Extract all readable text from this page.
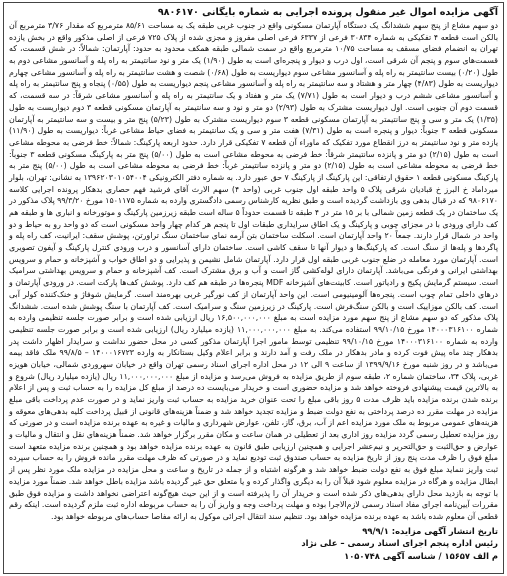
آگهی مزایده اموال غیر منقول پرونده اجرایی به شماره بایگانی ۹۸۰۶۱۷۰

دو سهم مشاع از پنج سهم ششدانگ یک دستگاه آپارتمان مسکونی واقع در جنوب غربی طبقه یک به مساحت ۸۵/۶۱ مترمربع که مقدار ۳/۷۶ مترمربع آن بالکن است قطعه ۴ تفکیکی به شماره ۳۰۸۳۴ فرعی از ۶۳۳۷ فرعی اصلی مفروز و مجزی شده از پلاک ۷۲۵ فرعی از اصلی مذکور واقع در بخش یازده تهران به انضمام فضای مسقف به مساحت ۱۰/۷۵ مترمربع واقع در سمت شمالی طبقه همکف محدود به حدود: آپارتمان: شمالاً: در شش قسمت، که قسمت‌های سوم و پنجم آن شرقی است، اول درب و دیوار و پنجره‌ای است به طول (۱/۹۰) یک متر و نود سانتیمتر به راه پله و آسانسور مشاعی دوم به طول (۰/۲۰) بیست سانتیمتر به راه پله و آسانسور مشاعی سوم دیواریست به طول (۰/۶۸) شصت و هشت سانتیمتر به راه پله و آسانسور مشاعی چهارم دیواریست به طول (۴/۸۳) چهار متر و هشتاد و سه سانتیمتر به راه پله و آسانسور مشاعی پنجم دیواریست به طول (۰/۵۵) پنجاه و پنج سانتیمتر به راه پله و آسانسور مشاعی ششم درب و دیوار است به طول (۷/۷۱) یک متر و هفتاد و یک سانتیمتر به راه پله و آسانسور مشاعی شرقاً: در سه قسمت، که قسمت دوم آن جنوبی است. اول دیواریست مشترک به طول (۲/۹۳) دو متر و نود و سه سانتیمتر به آپارتمان مسکونی قطعه ۳ دوم دیواریست به طول (۱/۳۵) یک متر و سی و پنج سانتیمتر به آپارتمان مسکونی قطعه ۳ سوم دیواریست مشترک به طول (۵/۲۳) پنج متر و بیست و سه سانتیمتر به آپارتمان مسکونی قطعه ۳ جنوباً: دیوار و پنجره است به طول (۷/۳۱) هفت متر و سی و یک سانتیمتر به فضای حیاط مشاعی غرباً: دیواریست به طول (۱۱/۹۰) یازده متر و نود سانتیمتر به درز انقطاع مورد تفکیک که ماوراء آن قطعه ۷ تفکیکی قرار دارد. حدود اربعه پارکینگ: شمالاً: خط فرضی به محوطه مشاعی است به طول (۲/۱۵) دو متر و پانزده سانتیمتر شرقاً: خط فرضی به محوطه مشاعی است به طول (۵/۰۰) پنج متر به پارکینگ مسکونی قطعه ۳ جنوباً: خط فرضی به محوطه مشاعی است به طول (۲/۱۵) دو متر و پانزده سانتیمتر غرباً: خط فرضی به محوطه مشاعی است به طول (۵/۰۰) پنج متر به پارکینگ مسکونی قطعه ۱ حقوق ارتفاقی: این پارکینگ از پارکینگ ۷ حق عبور دارد. به شماره دفتر الکترونیکی ۱۳۹۶۲۰۳۰۱۰۵۴۰۰۴ به نشانی: تهران، بلوار میرداماد خ البرز خ قبادیان شرقی پلاک ۵ واحد طبقه اول جنوب غربی (واحد ۴) سهم الارث آقای فرشید فهم حصاری بدهکار پرونده اجرایی کلاسه ۹۸۰۶۱۷۰ که در قبال بدهی وی بازداشت گردیده است و طبق نظریه کارشناس رسمی دادگستری وارده به شماره ۱۵۰۱۱۷۵ مورخ ۹۹/۳/۲۰ پلاک مذکور در یک ساختمان در یک قطعه زمین شمالی با بر ۱۵ متر در ۴ طبقه تا قسمت حدوداً ۵ ساله است طبقه زیرزمین پارکینگ و موتورخانه و انباری ها و طبقه هم کف دارای ورودی با در مجزای چوبی و پارکینگ و یک اطاق سرایداری طبقات اول تا پنجم هر کدام چهار واحد مسکونی است که دو واحد رو به حیاط و دو واحد در شمال قرار دارند. جمعاً ۲۰ واحد آپارتمان است. اسکلت ساختمان بتن آرمه نمای ساختمان سنگ تراورتن، پوشش سقف: ایرانیت، کف راه پله و پاگردها و پله‌ها از سنگ است. که پارکینگ‌ها و دیوار آنها تا سقف کاشی است. ساختمان دارای آسانسور و درب ورودی کنترل پارکینگ و آیفون تصویری است. آپارتمان مورد معامله در ضلع جنوب غربی طبقه اول قرار دارد. آپارتمان شامل نشیمن و پذیرایی و دو اطاق خواب و آشپزخانه و حمام و سرویس بهداشتی ایرانی و فرنگی می‌باشد. آپارتمان دارای لوله‌کشی گاز است و آب و برق مشترک است. کف آشپزخانه و حمام و سرویس بهداشتی سرامیک است. سیستم گرمایش پکیج و رادیاتور است. کابینت‌های آشپزخانه MDF پنجره‌ها در طبقه هم کف دارد. پوشش کف‌ها پارکت است. در ورودی آپارتمان و درهای داخلی تمام چوب است. پنجره‌ها آلومینیومی است. این واحد آپارتمان از کف نورگیر غربی بهره‌مند است. گرمایش شوفاژ و خنک‌کننده کولر آبی است. کف بالکن موزاییک است و بالکن سنگ‌فرش است. پارکینگ در زیرزمین سنگ و سرامیک است. کف آپارتمان با سنگ پوشش شده است. ششدانگ پلاک مذکور که دو سهم مشاع از پنج سهم مورد مزایده است به مبلغ ۱۶,۵۰۰,۰۰۰,۰۰۰ ریال ارزیابی شده است و برابر صورت جلسه تنظیمی وارده به شماره ۱۴۰۰۰۳۱۶۱۰۰ مورخ ۹۹/۱۰/۱۵ استفاده می‌کند. به مبلغ ۱۱,۰۰۰,۰۰۰,۰۰۰ (یازده میلیارد ریال) ارزیابی شده است و برابر صورت جلسه تنظیمی وارده به شماره ۱۴۰۰۰۳۱۶۱۰۰ مورخ ۹۹/۱۰/۱۵ تنظیمی توسط مامور اجرا آپارتمان مذکور کسی در محل حضور نداشت و سرایدار اظهار داشت پدر بدهکار چند ماه پیش فوت کرده و مادر بدهکار در ملک رفت و آمد دارند و برابر اعلام وکیل بستانکار به وارده ۱۴۰۰۰۱۶۷۲۳ – ۹۹/۸/۵ ملک فاقد بیمه می‌باشد و در روز شنبه مورخ ۱۳۹۹/۹/۱۶ از ساعت ۹ الی ۱۲ در محل اداره اجرای اسناد رسمی تهران واقع در خیابان سهروردی شمالی، خیابان هویزه غربی، پلاک ۳۴، ساختمان شماره ۲، طبقه سوم از طریق مزایده به فروش می‌رسد و مزایده از مبلغ ۱۱,۰۰۰,۰۰۰,۰۰۰ ریال (یازده میلیارد ریال) شروع و به بالاترین قیمت پیشنهادی فروخته خواهد شد و مزایده حضوری است و خریدار می‌بایست ده درصد از مبلغ کل مزایده را به حساب ثبت و پس از اعلام برنده شدن برنده مزایده باید ظرف مدت ۵ روز باقی مبلغ را تحت عنوان خرید مزایده به حساب ثبت واریز نماید و در صورت عدم پرداخت باقی مبلغ مزایده در مهلت مقرر ده درصد پرداختی به نفع دولت ضبط و مزایده تجدید خواهد شد و ضمناً هزینه‌های قانونی از قبیل پرداخت کلیه بدهی‌های معوقه و هزینه‌های عمومی مربوط به ملک مورد مزایده اعم از آب، برق، گاز، تلفن، عوارض شهرداری و مالیات و غیره به عهده برنده مزایده است و در صورتی که روز مزایده تعطیل رسمی گردد مزایده روز اداری بعد از تعطیلی در همان ساعت و مکان مقرر برگزار خواهد شد. ضمناً هزینه‌های نقل و انتقال و مالیات و عوارض و حق‌الثبت و حق‌التحریر و نیم‌عشر اجرایی و همچنین ارزیابی طبق قانون به عهده برنده مزایده خواهد بود و همچنین برنده مزایده متعهد است مبلغ فوق را ظرف مدت پنج روز از تاریخ مزایده به حساب صندوق ثبت تودیع نماید و در صورتی که ظرف مهلت مقرر مانده فروش را به حساب سپرده ثبت واریز ننماید مبلغ فوق به نفع دولت ضبط خواهد شد و هرگونه اشتباه و از جمله در تاریخ و ساعت و محل مزایده در مزایده ملک مورد نظر پس از ابطال مزایده و هرگاه در مزایده معلوم شود قبلاً آن را به دیگری واگذار کرده و یا متعلق حق غیر گردیده باشد مزایده باطل خواهد شد. ضمناً مورد مزایده با توجه به بازدید محل دارای بدهی‌های ذکر شده است و خریدار آن را پذیرفته است و از این حیث هیچ‌گونه اعتراضی نخواهد داشت و مزایده فوق طبق مقررات آیین‌نامه اجرای مفاد اسناد رسمی لازم‌الاجرا بوده و مهلت پرداخت وجه و واریز آن را به حساب مربوطه اداره ثبت ملزم گردیده است. اینکه رقم قطعی آن معلوم شده باشد به عهده برنده مزایده خواهد بود. تنظیم سند انتقال اجرائی موکول به ارائه مفاصا حساب‌های مربوطه خواهد بود.

تاریخ انتشار آگهی مزایده: ۹۹/۹/۱
رئیس اداره پنجم اجرای اسناد رسمی – علی نژاد
م الف ۱۵۶۵۷ / شناسه آگهی ۱۰۵۰۷۴۸
